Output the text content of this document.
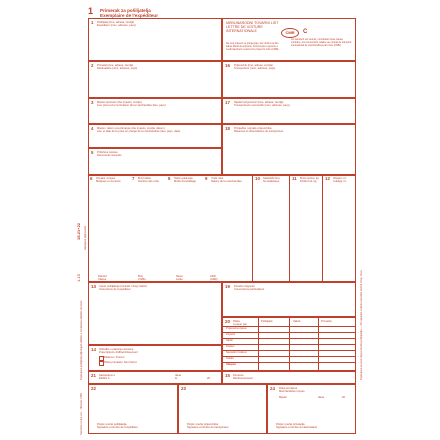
1 Primerak za pošiljatelja
Exemplaire de l'expéditeur
1-15
15-21+22
Popunjava pošiljatelj uključujući rubrike s oznakama debelim okvirom
Ispunjava prijevoznik
Popunjava se pod odgovornošću pošiljatelja — Pri opasnim tvarima navedite razred, broj i slovo
Narodne novine d.d. · Obrazac CMR
1 Pošiljatelj (ime, adresa, zemlja)
Expéditeur (nom, adresse, pays)
MEĐUNARODNI TOVARNI LIST
LETTRE DE VOITURE
INTERNATIONALE	CMR	C
Ne ovoj prijevoz se primjenjuje, bez obzira na bilo kakvu klauzulu suprotno, Konvencija o ugovoru o međunarodnom cestovnom prijevozu robe (CMR).
Ce transport est soumis, nonobstant toute clause contraire, à la Convention relative au contrat de transport international de marchandises par route (CMR).
2 Primatelj (ime, adresa, zemlja)
Destinataire (nom, adresse, pays)
16 Prijevoznik (ime, adresa, zemlja)
Transporteur (nom, adresse, pays)
3 Mjesto isporuke robe (mjesto, zemlja)
Lieu prévu pour la livraison de la marchandise (lieu, pays)
17 Sljedeći prijevoznici (ime, adresa, zemlja)
Transporteurs successifs (nom, adresse, pays)
4 Mjesto i datum preuzimanja robe (mjesto, zemlja, datum)
Lieu et date de la prise en charge de la marchandise (lieu, pays, date)
18 Primjedbe i ograde prijevoznika
Réserves et observations du transporteur
5 Priložene isprave
Documents annexés
6 Oznake i brojevi
Marques et numéros
7 Broj koleta
Nombre des colis
8 Način pakiranja
Mode d'emballage
9 Vrsta robe
Nature de la marchandise
10 Statistički broj
No statistique
11 Bruto težina, kg
Poids brut, kg
12 Obujam m³
Cubage m³
Razred	Broj	Slovo	ADR
Classe	Chiffre	Lettre	(ADR)
13 Upute pošiljatelja (carinski i drugi nalozi)
Instructions de l'expéditeur
19 Posebni dogovori
Conventions particulières
20 Plaća
A payer par
Pošiljatelj	Valuta	Primatelj
Prijevozna cijena
Popusti
Saldo
Dodaci
Sporedni troškovi
Ostalo
Ukupno
14 Odredbe o plaćanju vozarine
Prescriptions d'affranchissement
Plaćeno / Franco
Plaća primatelj / Non franco
21 Sastavljeno u
Établie à
dana
le	20
15 Pouzeće
Remboursement
22
Potpis i pečat pošiljatelja
Signature et timbre de l'expéditeur
23
Potpis i pečat prijevoznika
Signature et timbre du transporteur
24 Roba primljena
Marchandises reçues
Mjesto	dana	20
Potpis i pečat primatelja
Signature et timbre du destinataire
